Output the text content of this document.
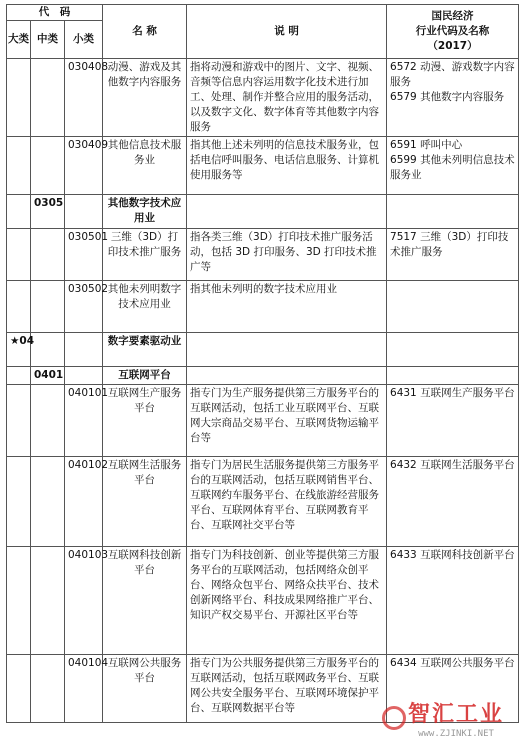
代　码			名 称	说 明	国民经济
行业代码及名称
（2017）
大类	中类	小类			
		030408	动漫、游戏及其他数字内容服务	指将动漫和游戏中的图片、文字、视频、音频等信息内容运用数字化技术进行加工、处理、制作并整合应用的服务活动，以及数字文化、数字体育等其他数字内容服务	6572 动漫、游戏数字内容服务
6579 其他数字内容服务

		030409	其他信息技术服务业	指其他上述未列明的信息技术服务业，包括电信呼叫服务、电话信息服务、计算机使用服务等	6591 呼叫中心
6599 其他未列明信息技术服务业

	0305		其他数字技术应用业		
		030501	三维（3D）打印技术推广服务	指各类三维（3D）打印技术推广服务活动，包括 3D 打印服务、3D 打印技术推广等	7517 三维（3D）打印技术推广服务

		030502	其他未列明数字技术应用业	指其他未列明的数字技术应用业	
★04			数字要素驱动业		
	0401		互联网平台		
		040101	互联网生产服务平台	指专门为生产服务提供第三方服务平台的互联网活动，包括工业互联网平台、互联网大宗商品交易平台、互联网货物运输平台等	6431 互联网生产服务平台

		040102	互联网生活服务平台	指专门为居民生活服务提供第三方服务平台的互联网活动，包括互联网销售平台、互联网约车服务平台、在线旅游经营服务平台、互联网体育平台、互联网教育平台、互联网社交平台等	6432 互联网生活服务平台

		040103	互联网科技创新平台	指专门为科技创新、创业等提供第三方服务平台的互联网活动，包括网络众创平台、网络众包平台、网络众扶平台、技术创新网络平台、科技成果网络推广平台、知识产权交易平台、开源社区平台等	6433 互联网科技创新平台

		040104	互联网公共服务平台	指专门为公共服务提供第三方服务平台的互联网活动，包括互联网政务平台、互联网公共安全服务平台、互联网环境保护平台、互联网数据平台等	6434 互联网公共服务平台
智汇工业
www.ZJINKI.NET
